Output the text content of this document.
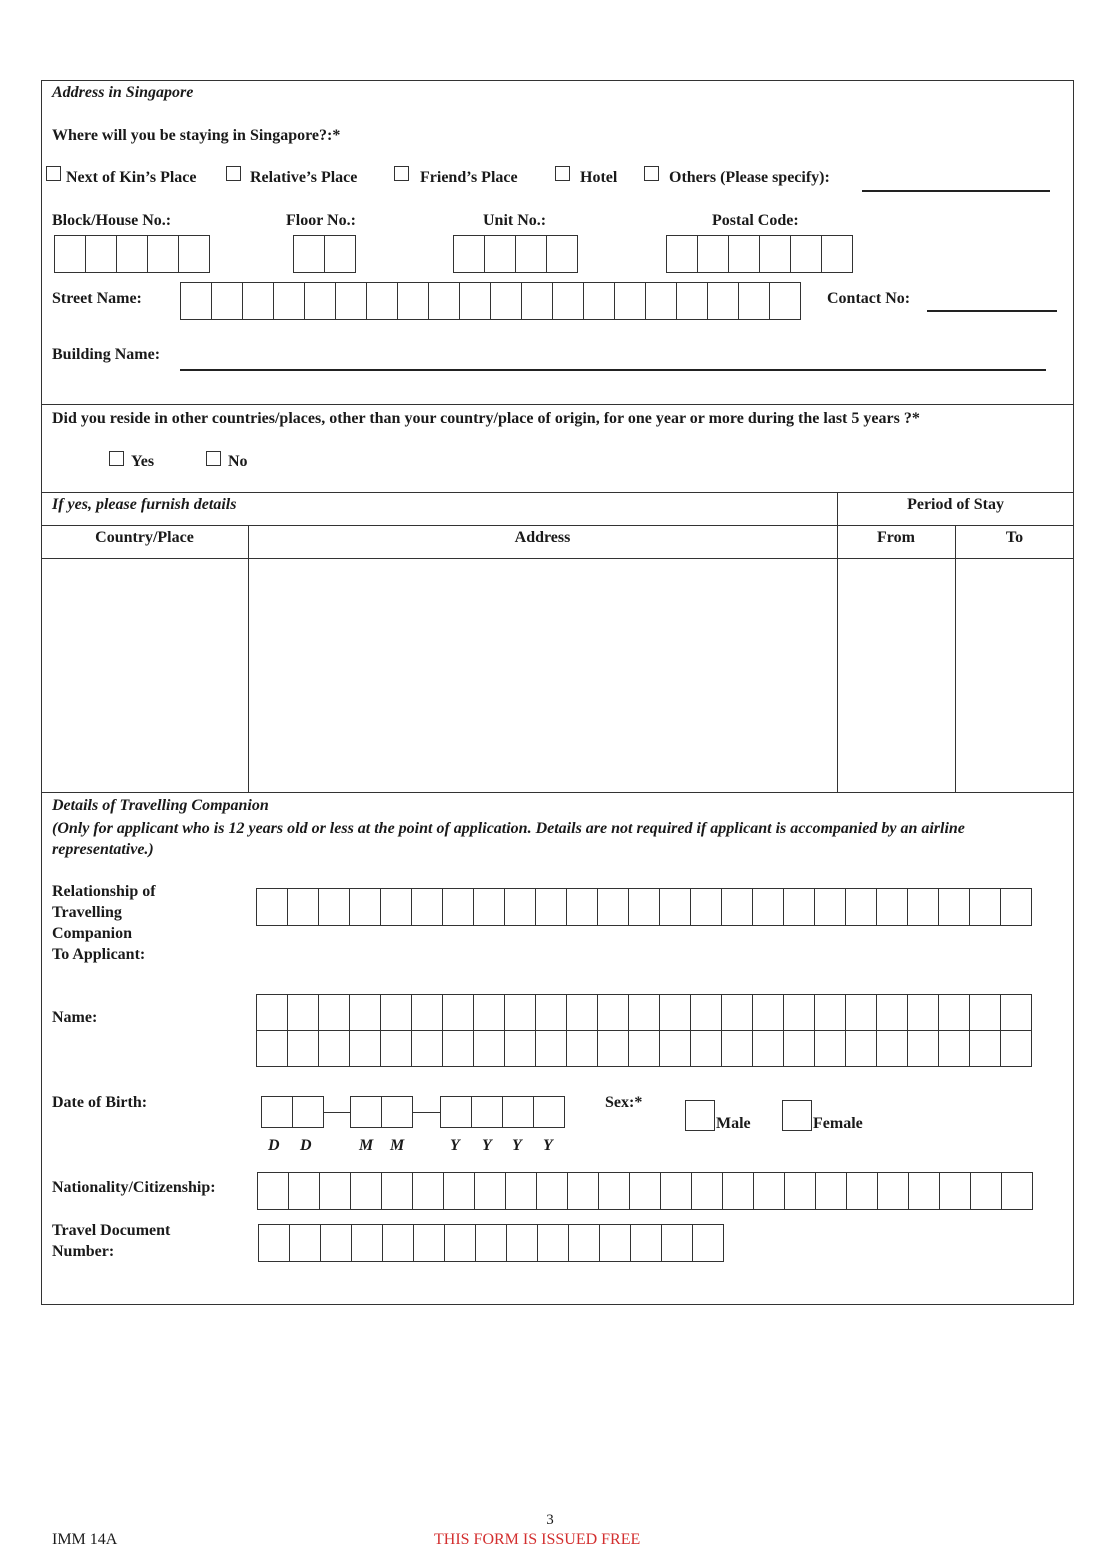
Address in Singapore
Where will you be staying in Singapore?:*
Next of Kin’s Place	Relative’s Place	Friend’s Place	Hotel	Others (Please specify):
Block/House No.:	Floor No.:	Unit No.:	Postal Code:
Street Name:	Contact No:
Building Name:
Did you reside in other countries/places, other than your country/place of origin, for one year or more during the last 5 years ?*
Yes	No
If yes, please furnish details	Period of Stay
Country/Place	Address	From	To
Details of Travelling Companion
(Only for applicant who is 12 years old or less at the point of application. Details are not required if applicant is accompanied by an airline representative.)
Relationship of
Travelling
Companion
To Applicant:
Name:
Date of Birth:
D D	M M	Y Y Y Y
Sex:*
Male	Female
Nationality/Citizenship:
Travel Document
Number:
3
IMM 14A	THIS FORM IS ISSUED FREE
